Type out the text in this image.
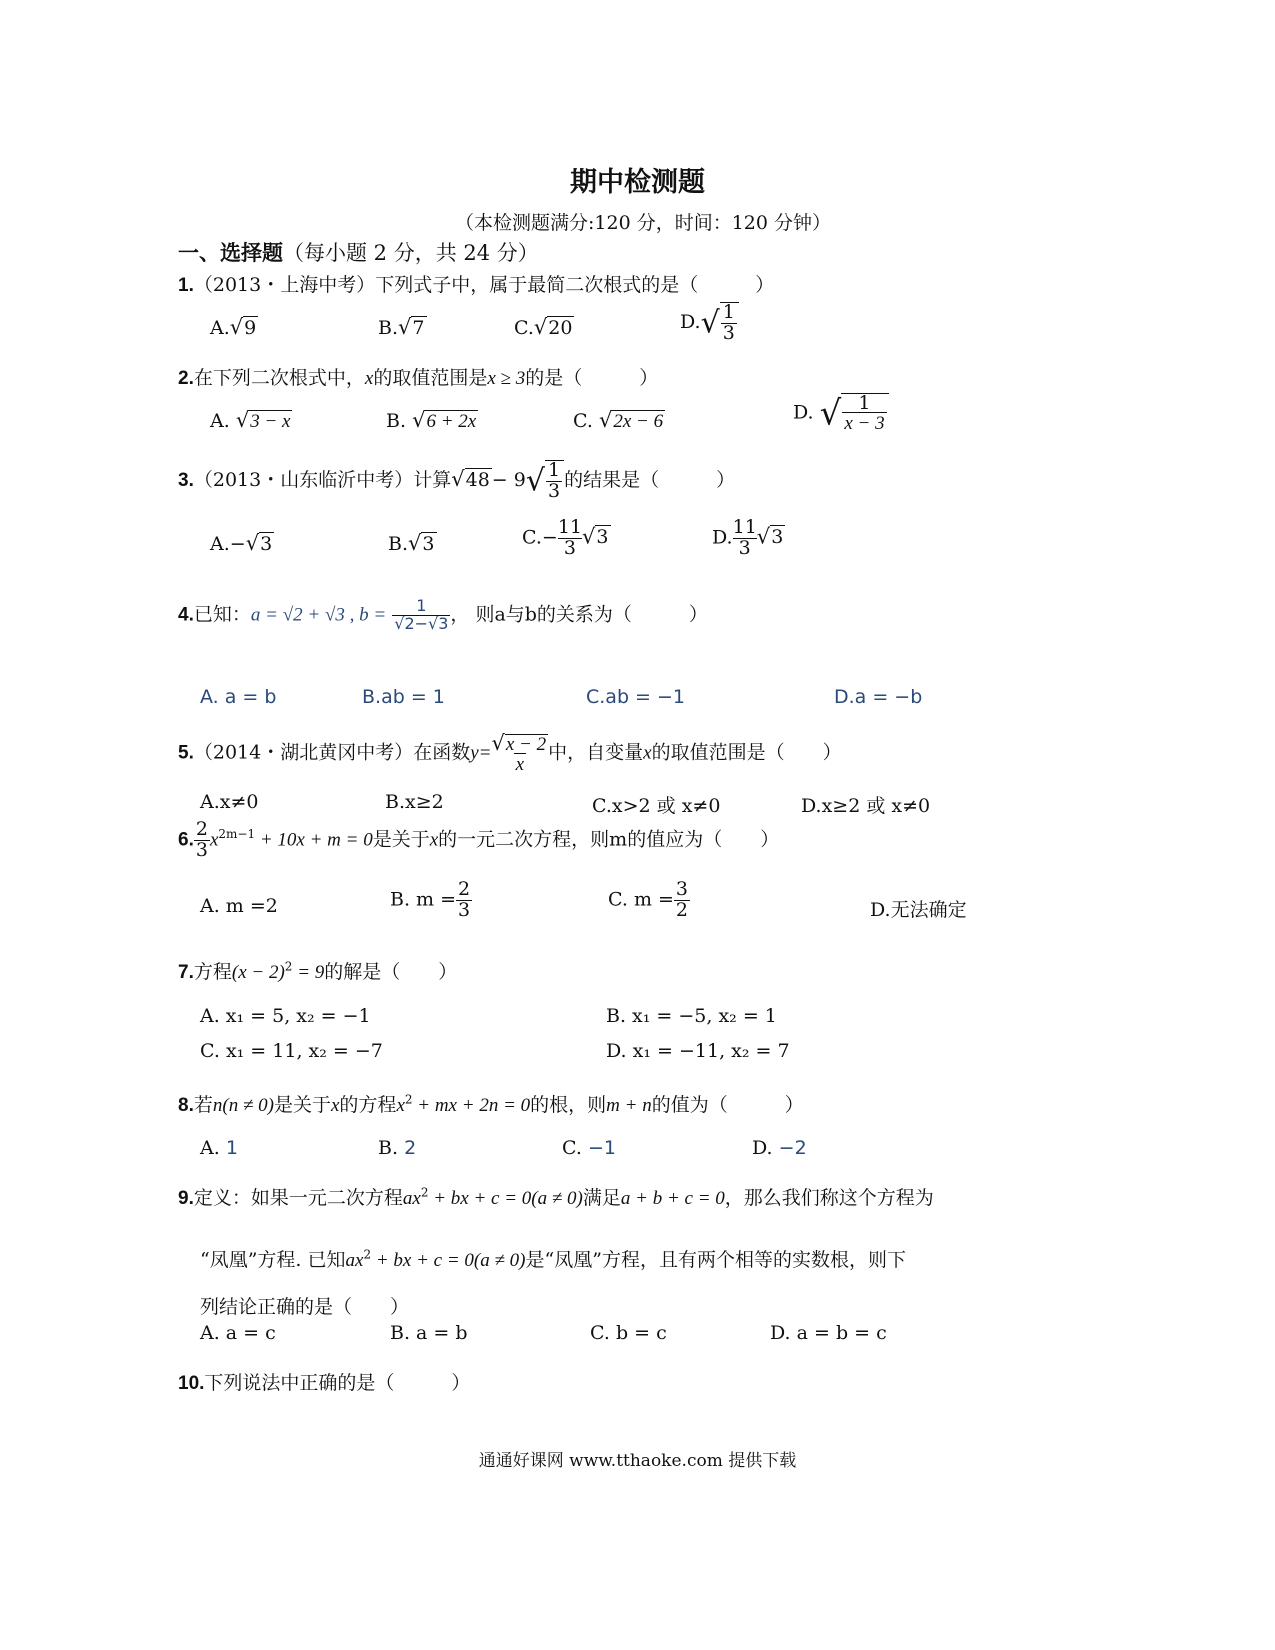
期中检测题
（本检测题满分:120 分，时间：120 分钟）
一、选择题（每小题 2 分，共 24 分）
1.（2013・上海中考）下列式子中，属于最简二次根式的是（　　　）
A.√9	B.√7	C.√20	$D.√ \frac{1}{3}$
2.在下列二次根式中，x的取值范围是x ≥ 3的是（　　　）
A. √3 − x	B. √6 + 2x	C. √2x − 6	D. √ $\frac{1}{x - 3}$
3.（2013・山东临沂中考）计算$√48 - 9√ \frac{1}{3}$ 的结果是（　　　）
A.−√3	B.√3	$C.- \frac{11}{3} √3$	D. $\frac{11}{3} √3$
4.已知：a = √2 + √3 , $b = \frac{1}{√2-√3}$ ， 则a与b的关系为（　　　）
A. a = b	B.ab = 1	C.ab = −1	D.a = −b
5.（2014・湖北黄冈中考）在函数$y= \frac{√x - 2}{x}$中，自变量x的取值范围是（　　）
A.x≠0	B.x≥2	C.x>2 或 x≠0	D.x≥2 或 x≠0
6. $\frac{2}{3} x^{2m-1} + 10x + m = 0$是关于x的一元二次方程，则m的值应为（　　）
A. m =2	B. $m = \frac{2}{3}$	C. $m = \frac{3}{2}$	D.无法确定
7.方程$(x - 2)^2 = 9$的解是（　　）
A. x₁ = 5, x₂ = −1	B. x₁ = −5, x₂ = 1
C. x₁ = 11, x₂ = −7	D. x₁ = −11, x₂ = 7
8.若n(n ≠ 0)是关于x的方程$x^2$ + mx + 2n = 0的根，则m + n的值为（　　　）
A. 1	B. 2	C. −1	D. −2
9.定义：如果一元二次方程$ax^2$ + bx + c = 0(a ≠ 0)满足a + b + c = 0，那么我们称这个方程为
“凤凰”方程. 已知$ax^2$ + bx + c = 0(a ≠ 0)是“凤凰”方程，且有两个相等的实数根，则下
列结论正确的是（　　）
A. a = c	B. a = b	C. b = c	D. a = b = c
10.下列说法中正确的是（　　　）
通通好课网 www.tthaoke.com 提供下载
